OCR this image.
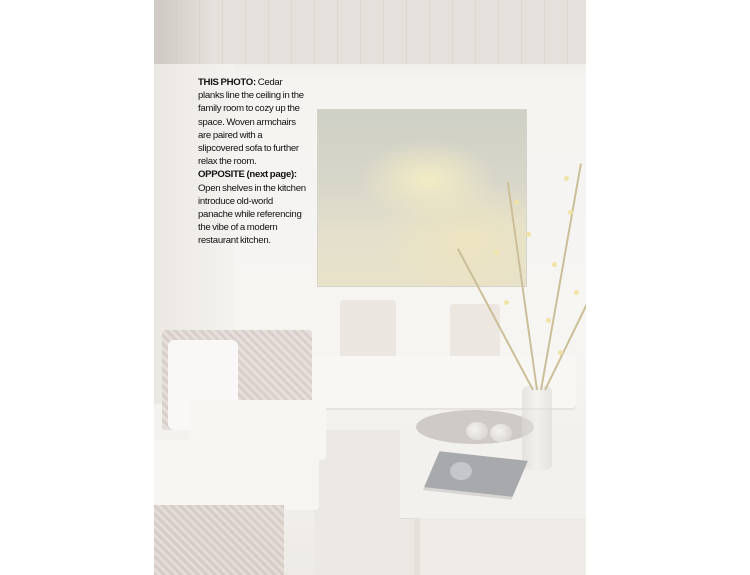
THIS PHOTO: Cedar planks line the ceiling in the family room to cozy up the space. Woven armchairs are paired with a slipcovered sofa to further relax the room.
OPPOSITE (next page): Open shelves in the kitchen introduce old-world panache while referencing the vibe of a modern restaurant kitchen.
